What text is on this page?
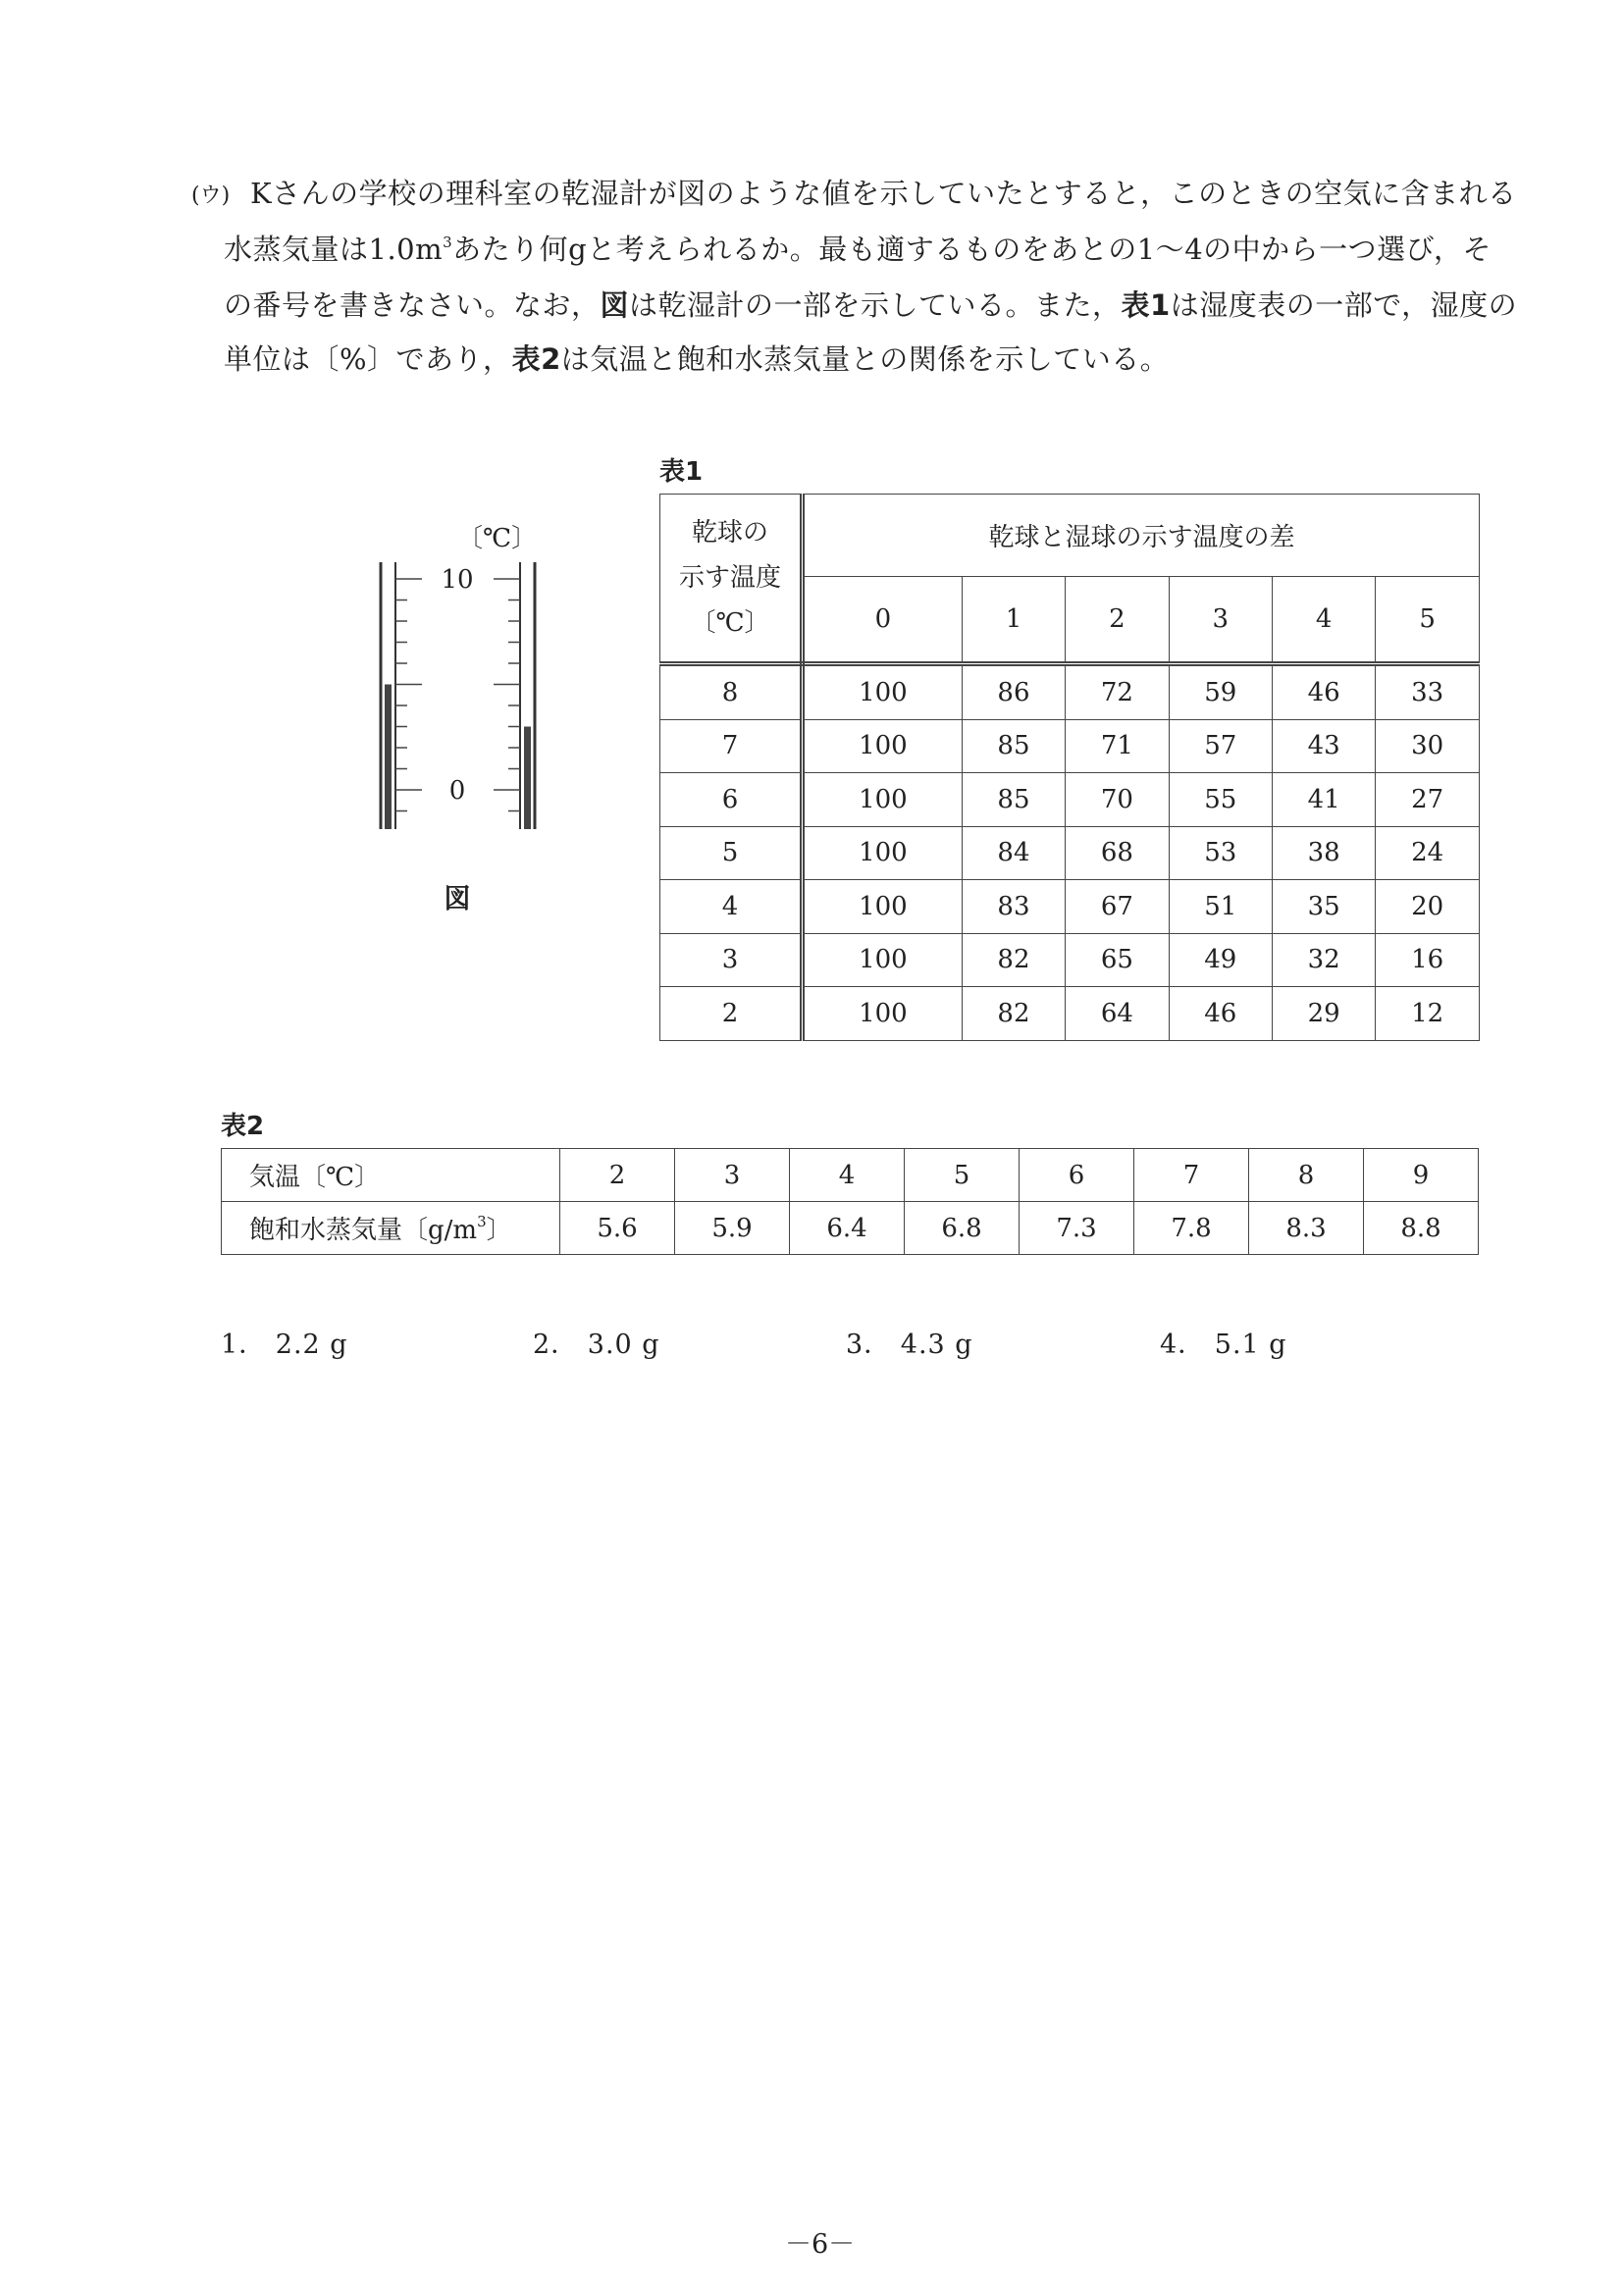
(ウ) Kさんの学校の理科室の乾湿計が図のような値を示していたとすると，このときの空気に含まれる
水蒸気量は$1.0m^3$あたり何gと考えられるか。最も適するものをあとの1～4の中から一つ選び，そ
の番号を書きなさい。なお，図は乾湿計の一部を示している。また，表1は湿度表の一部で，湿度の
単位は〔%〕であり，表2は気温と飽和水蒸気量との関係を示している。
〔℃〕
10
0
図
表1
乾球の
示す温度
〔℃〕	乾球と湿球の示す温度の差					
	0	1	2	3	4	5
8	100	86	72	59	46	33
7	100	85	71	57	43	30
6	100	85	70	55	41	27
5	100	84	68	53	38	24
4	100	83	67	51	35	20
3	100	82	65	49	32	16
2	100	82	64	46	29	12
表2
気温〔℃〕	2	3	4	5	6	7	8	9
飽和水蒸気量〔$g/m^3$〕	5.6	5.9	6.4	6.8	7.3	7.8	8.3	8.8
1． 2.2 g	2． 3.0 g	3． 4.3 g	4． 5.1 g
－6－
